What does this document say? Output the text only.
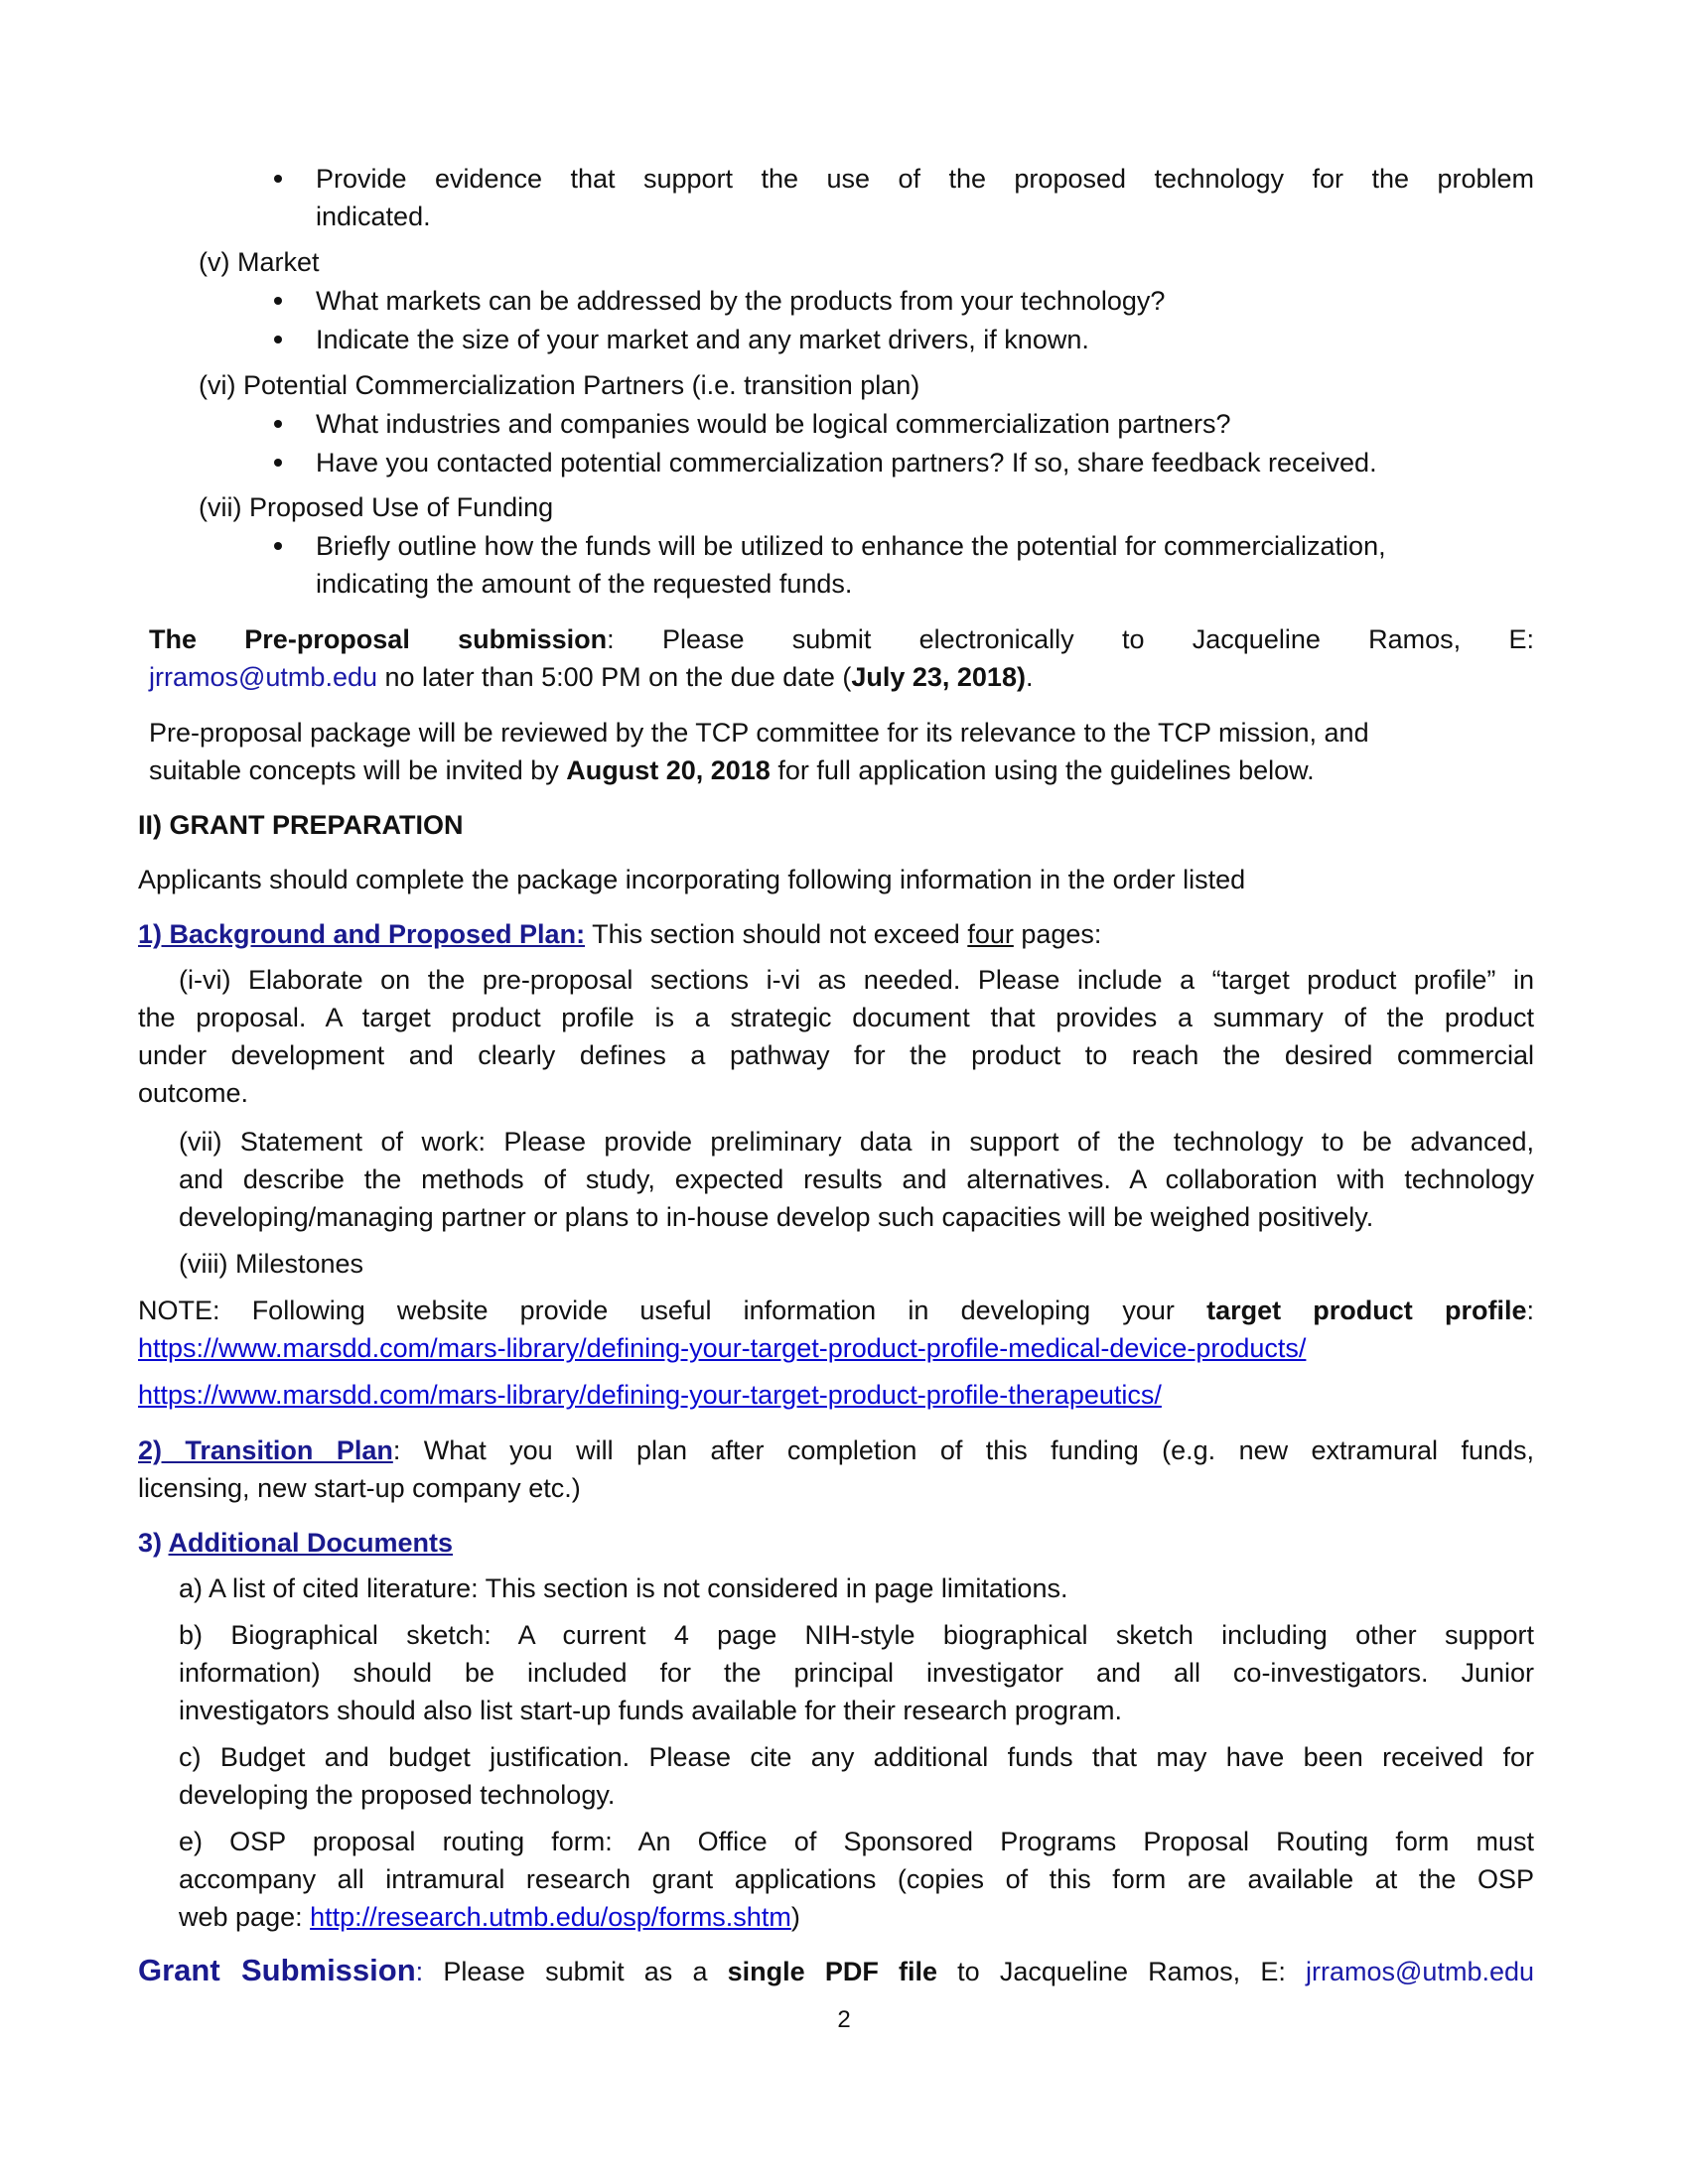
Provide evidence that support the use of the proposed technology for the problem
indicated.
(v) Market
What markets can be addressed by the products from your technology?
Indicate the size of your market and any market drivers, if known.
(vi) Potential Commercialization Partners (i.e. transition plan)
What industries and companies would be logical commercialization partners?
Have you contacted potential commercialization partners? If so, share feedback received.
(vii) Proposed Use of Funding
Briefly outline how the funds will be utilized to enhance the potential for commercialization,
indicating the amount of the requested funds.
The Pre-proposal submission: Please submit electronically to Jacqueline Ramos, E:
jrramos@utmb.edu no later than 5:00 PM on the due date (July 23, 2018).
Pre-proposal package will be reviewed by the TCP committee for its relevance to the TCP mission, and
suitable concepts will be invited by August 20, 2018 for full application using the guidelines below.
II) GRANT PREPARATION
Applicants should complete the package incorporating following information in the order listed
1) Background and Proposed Plan: This section should not exceed four pages:
(i-vi) Elaborate on the pre-proposal sections i-vi as needed. Please include a “target product profile” in
the proposal. A target product profile is a strategic document that provides a summary of the product
under development and clearly defines a pathway for the product to reach the desired commercial
outcome.
(vii) Statement of work: Please provide preliminary data in support of the technology to be advanced,
and describe the methods of study, expected results and alternatives. A collaboration with technology
developing/managing partner or plans to in-house develop such capacities will be weighed positively.
(viii) Milestones
NOTE: Following website provide useful information in developing your target product profile:
https://www.marsdd.com/mars-library/defining-your-target-product-profile-medical-device-products/
https://www.marsdd.com/mars-library/defining-your-target-product-profile-therapeutics/
2) Transition Plan: What you will plan after completion of this funding (e.g. new extramural funds,
licensing, new start-up company etc.)
3) Additional Documents
a) A list of cited literature: This section is not considered in page limitations.
b) Biographical sketch: A current 4 page NIH-style biographical sketch including other support
information) should be included for the principal investigator and all co-investigators. Junior
investigators should also list start-up funds available for their research program.
c) Budget and budget justification. Please cite any additional funds that may have been received for
developing the proposed technology.
e) OSP proposal routing form: An Office of Sponsored Programs Proposal Routing form must
accompany all intramural research grant applications (copies of this form are available at the OSP
web page: http://research.utmb.edu/osp/forms.shtm)
Grant Submission: Please submit as a single PDF file to Jacqueline Ramos, E: jrramos@utmb.edu
2
